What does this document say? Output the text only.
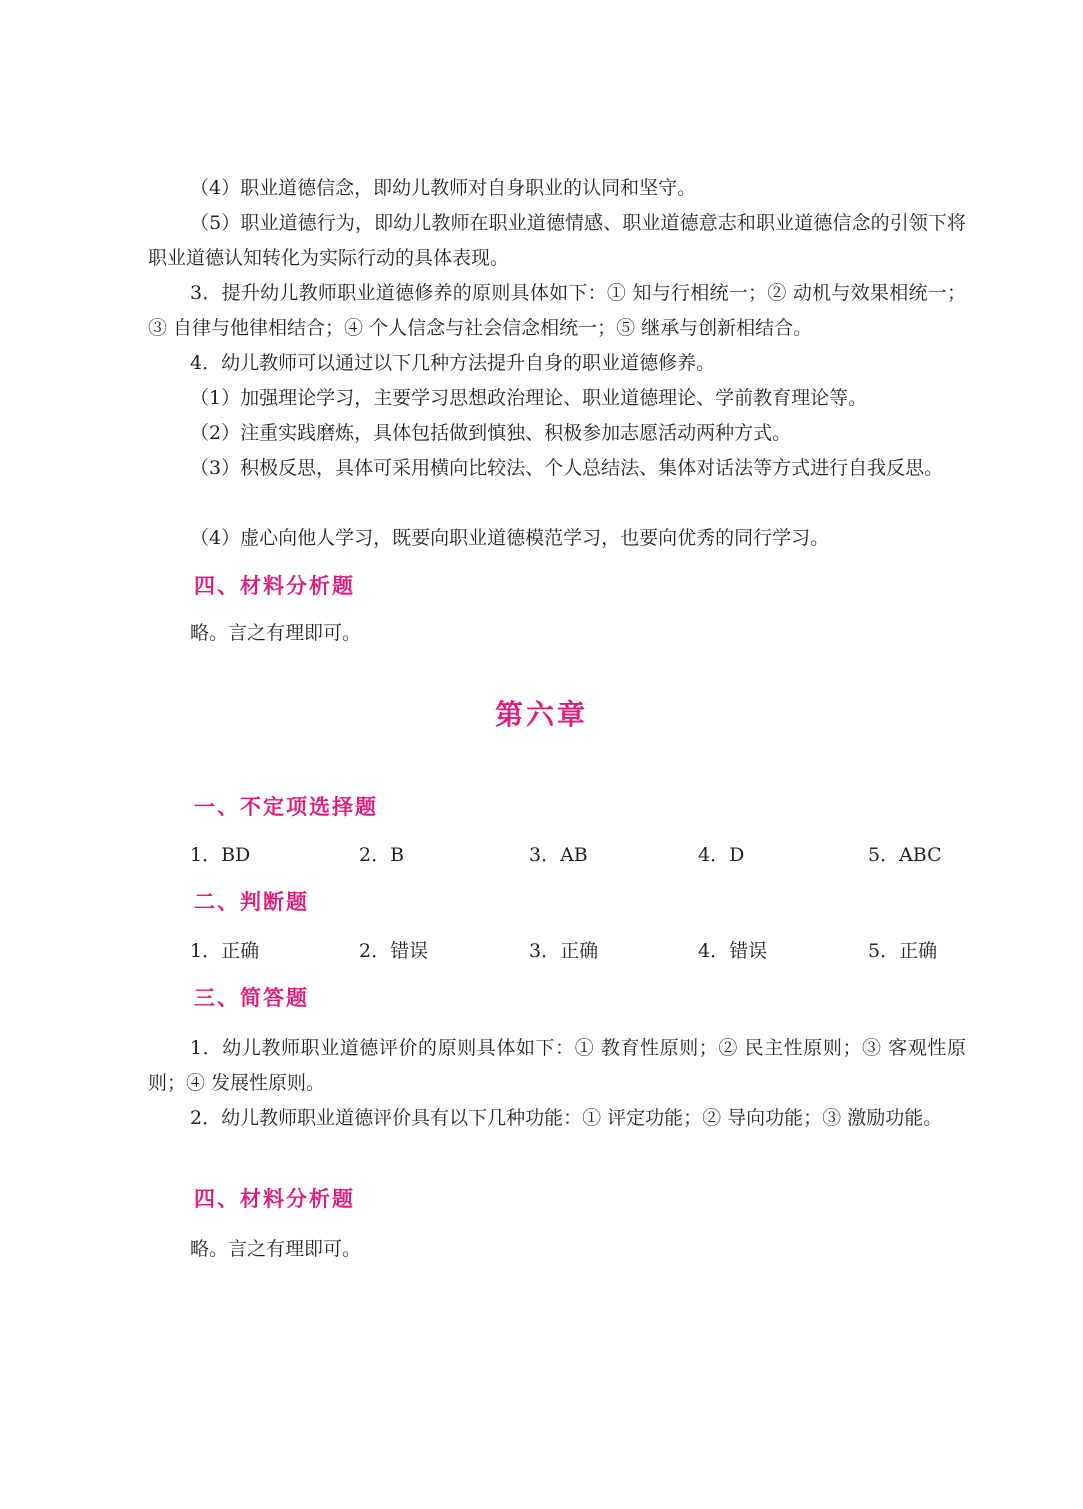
（4）职业道德信念，即幼儿教师对自身职业的认同和坚守。

（5）职业道德行为，即幼儿教师在职业道德情感、职业道德意志和职业道德信念的引领下将职业道德认知转化为实际行动的具体表现。

3．提升幼儿教师职业道德修养的原则具体如下：① 知与行相统一；② 动机与效果相统一；③ 自律与他律相结合；④ 个人信念与社会信念相统一；⑤ 继承与创新相结合。

4．幼儿教师可以通过以下几种方法提升自身的职业道德修养。

（1）加强理论学习，主要学习思想政治理论、职业道德理论、学前教育理论等。

（2）注重实践磨炼，具体包括做到慎独、积极参加志愿活动两种方式。

（3）积极反思，具体可采用横向比较法、个人总结法、集体对话法等方式进行自我反思。

（4）虚心向他人学习，既要向职业道德模范学习，也要向优秀的同行学习。

四、材料分析题

略。言之有理即可。

第六章
一、不定项选择题
1．BD	2．B	3．AB	4．D	5．ABC
二、判断题
1．正确	2．错误	3．正确	4．错误	5．正确
三、简答题

1．幼儿教师职业道德评价的原则具体如下：① 教育性原则；② 民主性原则；③ 客观性原则；④ 发展性原则。

2．幼儿教师职业道德评价具有以下几种功能：① 评定功能；② 导向功能；③ 激励功能。

四、材料分析题

略。言之有理即可。
